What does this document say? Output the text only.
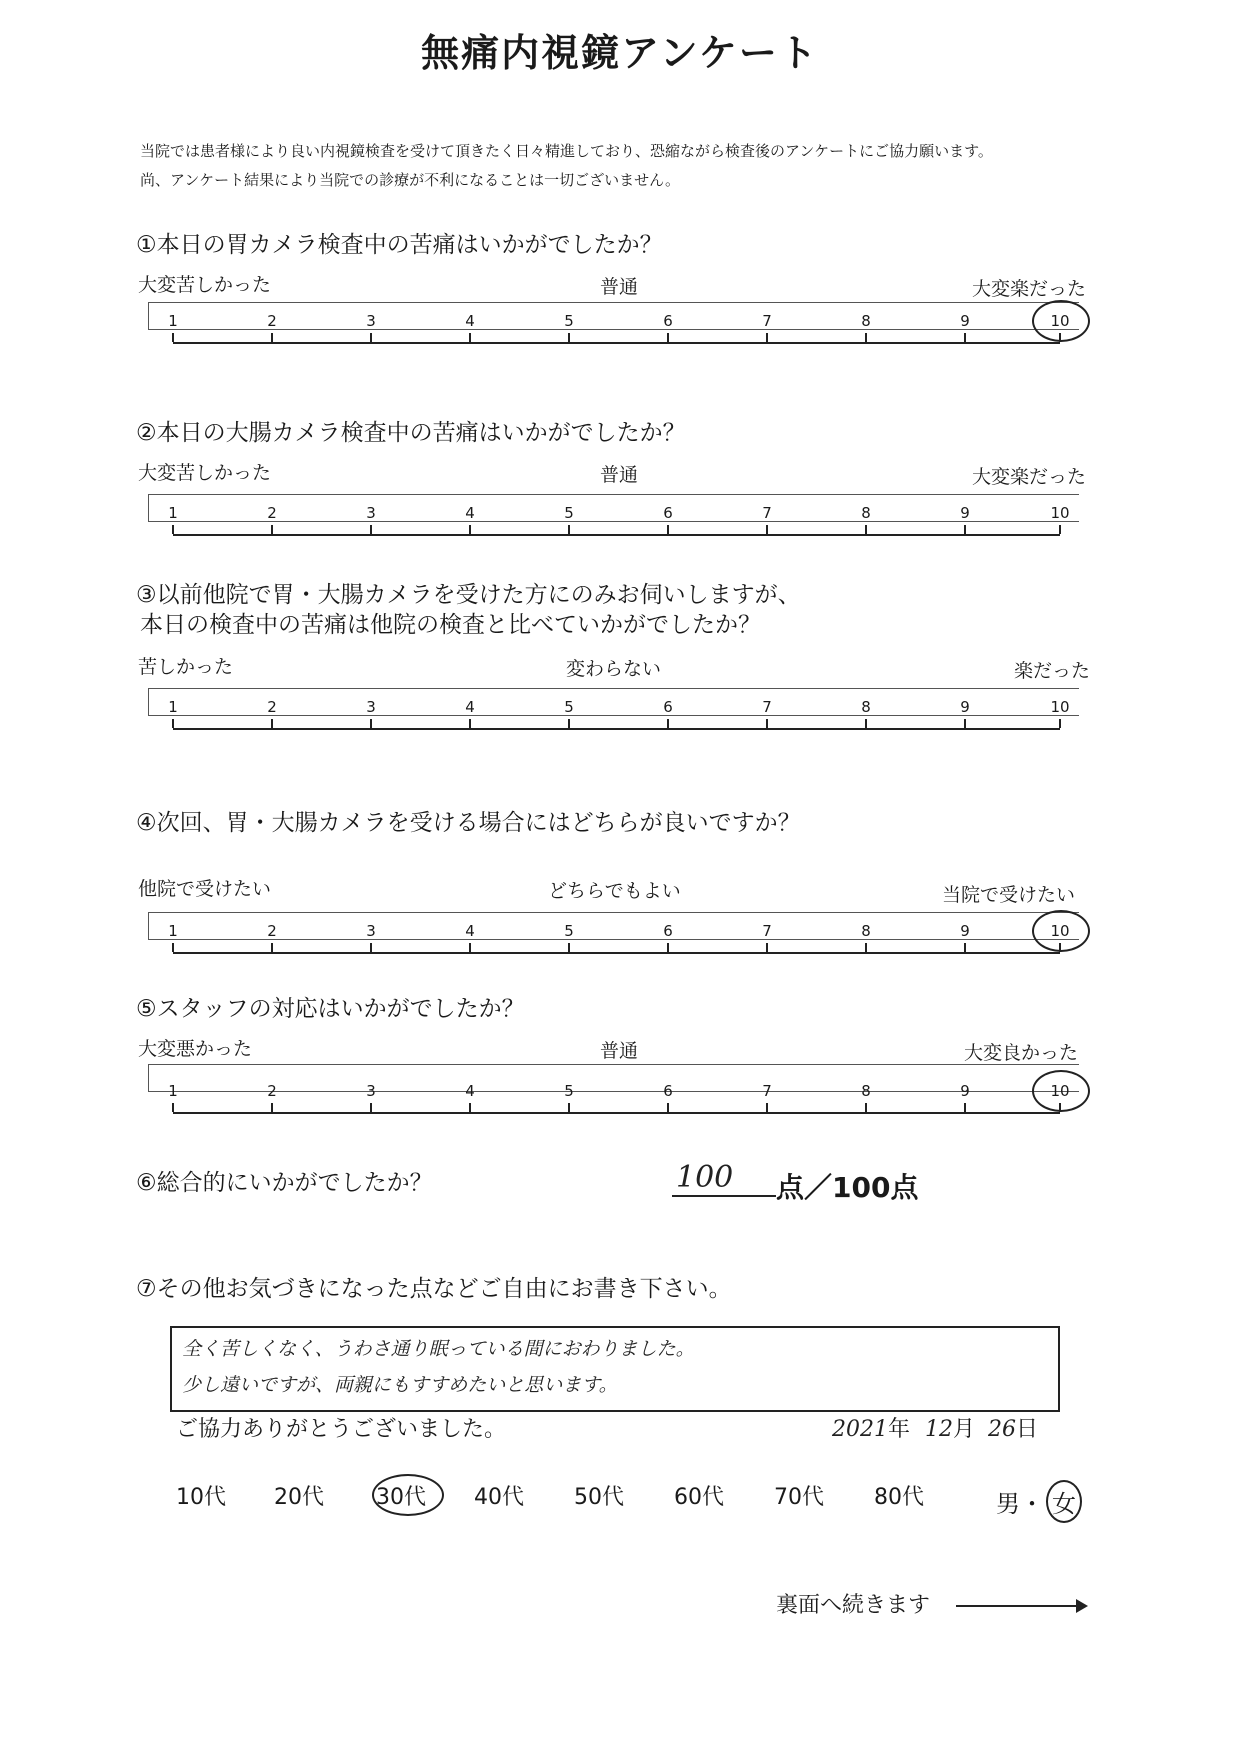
無痛内視鏡アンケート
当院では患者様により良い内視鏡検査を受けて頂きたく日々精進しており、恐縮ながら検査後のアンケートにご協力願います。
尚、アンケート結果により当院での診療が不利になることは一切ございません。
①本日の胃カメラ検査中の苦痛はいかがでしたか？
大変苦しかった	普通	大変楽だった
1	2	3	4	5	6	7	8	9	10
②本日の大腸カメラ検査中の苦痛はいかがでしたか？
大変苦しかった	普通	大変楽だった
1	2	3	4	5	6	7	8	9	10
③以前他院で胃・大腸カメラを受けた方にのみお伺いしますが、
本日の検査中の苦痛は他院の検査と比べていかがでしたか？
苦しかった	変わらない	楽だった
1	2	3	4	5	6	7	8	9	10
④次回、胃・大腸カメラを受ける場合にはどちらが良いですか？
他院で受けたい	どちらでもよい	当院で受けたい
1	2	3	4	5	6	7	8	9	10
⑤スタッフの対応はいかがでしたか？
大変悪かった	普通	大変良かった
1	2	3	4	5	6	7	8	9	10
⑥総合的にいかがでしたか？	100	点／100点
⑦その他お気づきになった点などご自由にお書き下さい。
全く苦しくなく、うわさ通り眠っている間におわりました。
少し遠いですが、両親にもすすめたいと思います。
ご協力ありがとうございました。	2021年 12月 26日
10代 20代 30代 40代 50代 60代 70代 80代	男・ 女
裏面へ続きます
